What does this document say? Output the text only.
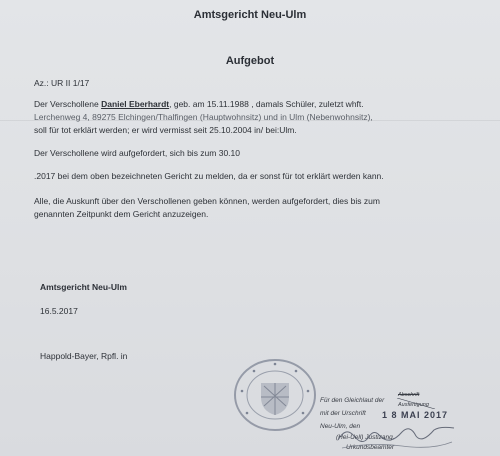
Amtsgericht Neu-Ulm
Aufgebot
Az.: UR II 1/17
Der Verschollene Daniel Eberhardt, geb. am 15.11.1988 , damals Schüler, zuletzt whft.
Lerchenweg 4, 89275 Elchingen/Thalfingen (Hauptwohnsitz) und in Ulm (Nebenwohnsitz),
soll für tot erklärt werden; er wird vermisst seit 25.10.2004 in/ bei:Ulm.
Der Verschollene wird aufgefordert, sich bis zum 30.10
.2017 bei dem oben bezeichneten Gericht zu melden, da er sonst für tot erklärt werden kann.
Alle, die Auskunft über den Verschollenen geben können, werden aufgefordert, dies bis zum
genannten Zeitpunkt dem Gericht anzuzeigen.
Amtsgericht Neu-Ulm
16.5.2017
Happold-Bayer, Rpfl. in
Für den Gleichlaut der
Abschrift
Ausfertigung
mit der Urschrift 1 8 MAI 2017
Neu-Ulm, den
(Hei-Uell) Justizang.
Urkundsbeamter
